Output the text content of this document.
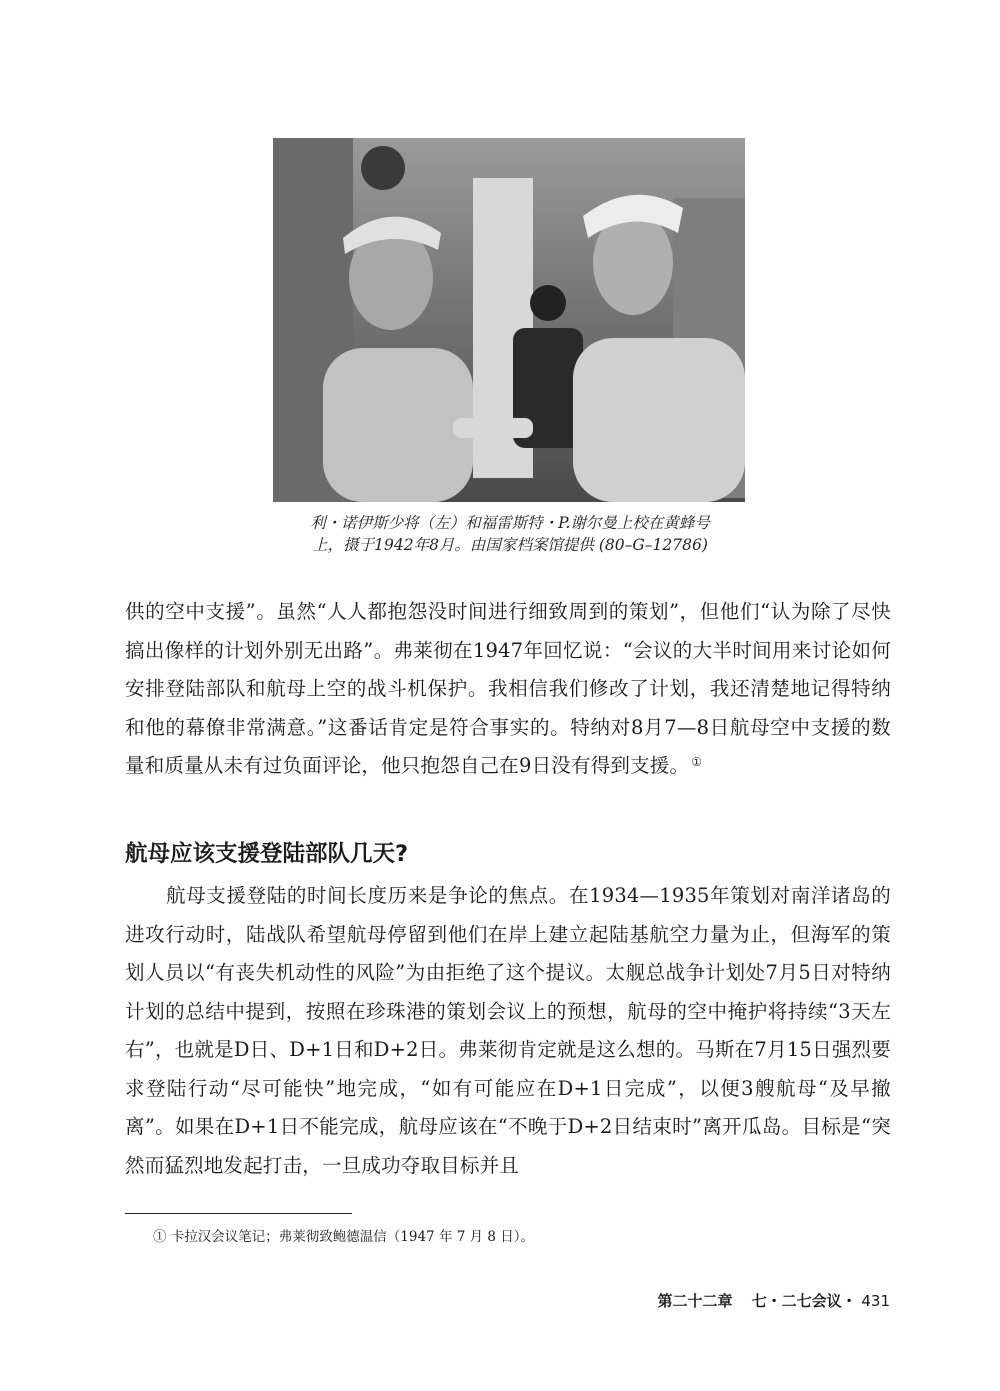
利・诺伊斯少将（左）和福雷斯特・P.谢尔曼上校在黄蜂号
上，摄于1942年8月。由国家档案馆提供 (80–G–12786)

供的空中支援”。虽然“人人都抱怨没时间进行细致周到的策划”，但他们“认为除了尽快搞出像样的计划外别无出路”。弗莱彻在1947年回忆说：“会议的大半时间用来讨论如何安排登陆部队和航母上空的战斗机保护。我相信我们修改了计划，我还清楚地记得特纳和他的幕僚非常满意。”这番话肯定是符合事实的。特纳对8月7—8日航母空中支援的数量和质量从未有过负面评论，他只抱怨自己在9日没有得到支援。 ①

航母应该支援登陆部队几天?

航母支援登陆的时间长度历来是争论的焦点。在1934—1935年策划对南洋诸岛的进攻行动时，陆战队希望航母停留到他们在岸上建立起陆基航空力量为止，但海军的策划人员以“有丧失机动性的风险”为由拒绝了这个提议。太舰总战争计划处7月5日对特纳计划的总结中提到，按照在珍珠港的策划会议上的预想，航母的空中掩护将持续“3天左右”，也就是D日、D+1日和D+2日。弗莱彻肯定就是这么想的。马斯在7月15日强烈要求登陆行动“尽可能快”地完成，“如有可能应在D+1日完成”，以便3艘航母“及早撤离”。如果在D+1日不能完成，航母应该在“不晚于D+2日结束时”离开瓜岛。目标是“突然而猛烈地发起打击，一旦成功夺取目标并且

① 卡拉汉会议笔记；弗莱彻致鲍德温信（1947 年 7 月 8 日）。
第二十二章 七・二七会议・ 431
